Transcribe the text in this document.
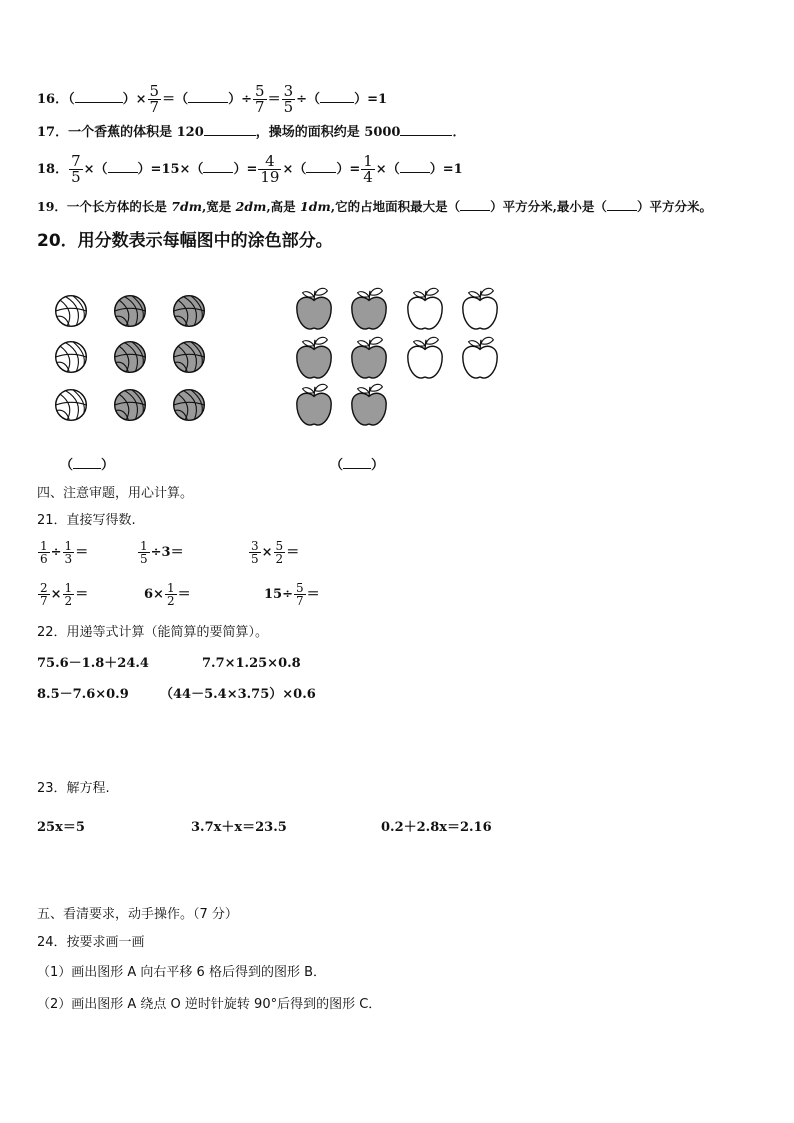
16．（	）× $\frac{5}{7}$ ＝（	）÷ $\frac{5}{7} = \frac{3}{5}$ ÷（	）=1
17．一个香蕉的体积是 120	，操场的面积约是 5000	．
18． $\frac{7}{5}$ ×（ ）=15×（ ）= $\frac{4}{19}$ ×（ ）= $\frac{1}{4}$ ×（ ）=1
19．一个长方体的长是 7dm,宽是 2dm,高是 1dm,它的占地面积最大是（ ）平方分米,最小是（ ）平方分米。
20．用分数表示每幅图中的涂色部分。
（ ）	（ ）
四、注意审题，用心计算。
21．直接写得数.
$\frac{1}{6} \div \frac{1}{3}$ ＝	$\frac{1}{5} \div 3=$	$\frac{3}{5} \times \frac{5}{2}$ ＝
$\frac{2}{7} \times \frac{1}{2}$ ＝	$6\times \frac{1}{2}$ ＝	$15\div \frac{5}{7}$ ＝
22．用递等式计算（能简算的要简算）。
75.6－1.8＋24.4	7.7×1.25×0.8
8.5－7.6×0.9 （44－5.4×3.75）×0.6
23．解方程.
25x＝5	3.7x＋x＝23.5	0.2＋2.8x＝2.16
五、看清要求，动手操作。（7 分）
24．按要求画一画
（1）画出图形 A 向右平移 6 格后得到的图形 B．
（2）画出图形 A 绕点 O 逆时针旋转 90°后得到的图形 C．
